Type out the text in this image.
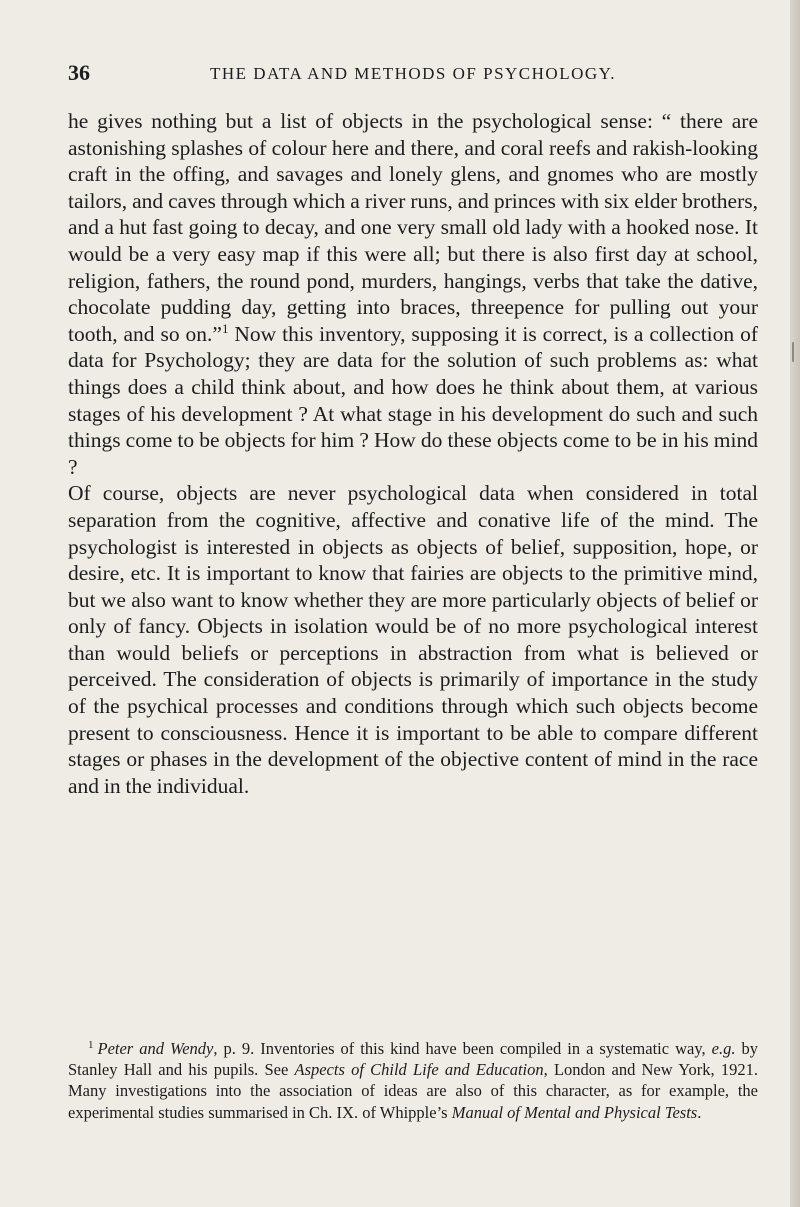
36	THE DATA AND METHODS OF PSYCHOLOGY.

he gives nothing but a list of objects in the psychological sense: “ there are astonishing splashes of colour here and there, and coral reefs and rakish-looking craft in the offing, and savages and lonely glens, and gnomes who are mostly tailors, and caves through which a river runs, and princes with six elder brothers, and a hut fast going to decay, and one very small old lady with a hooked nose. It would be a very easy map if this were all; but there is also first day at school, religion, fathers, the round pond, murders, hangings, verbs that take the dative, chocolate pudding day, getting into braces, threepence for pulling out your tooth, and so on.”$^1$ Now this inventory, supposing it is correct, is a collection of data for Psychology; they are data for the solution of such problems as: what things does a child think about, and how does he think about them, at various stages of his development ? At what stage in his development do such and such things come to be objects for him ? How do these objects come to be in his mind ?

Of course, objects are never psychological data when considered in total separation from the cognitive, affective and conative life of the mind. The psychologist is interested in objects as objects of belief, supposition, hope, or desire, etc. It is important to know that fairies are objects to the primitive mind, but we also want to know whether they are more particularly objects of belief or only of fancy. Objects in isolation would be of no more psychological interest than would beliefs or perceptions in abstraction from what is believed or perceived. The consideration of objects is primarily of importance in the study of the psychical processes and conditions through which such objects become present to consciousness. Hence it is important to be able to compare different stages or phases in the development of the objective content of mind in the race and in the individual.

$^1$ Peter and Wendy, p. 9. Inventories of this kind have been compiled in a systematic way, e.g. by Stanley Hall and his pupils. See Aspects of Child Life and Education, London and New York, 1921. Many investigations into the association of ideas are also of this character, as for example, the experimental studies summarised in Ch. IX. of Whipple’s Manual of Mental and Physical Tests.
